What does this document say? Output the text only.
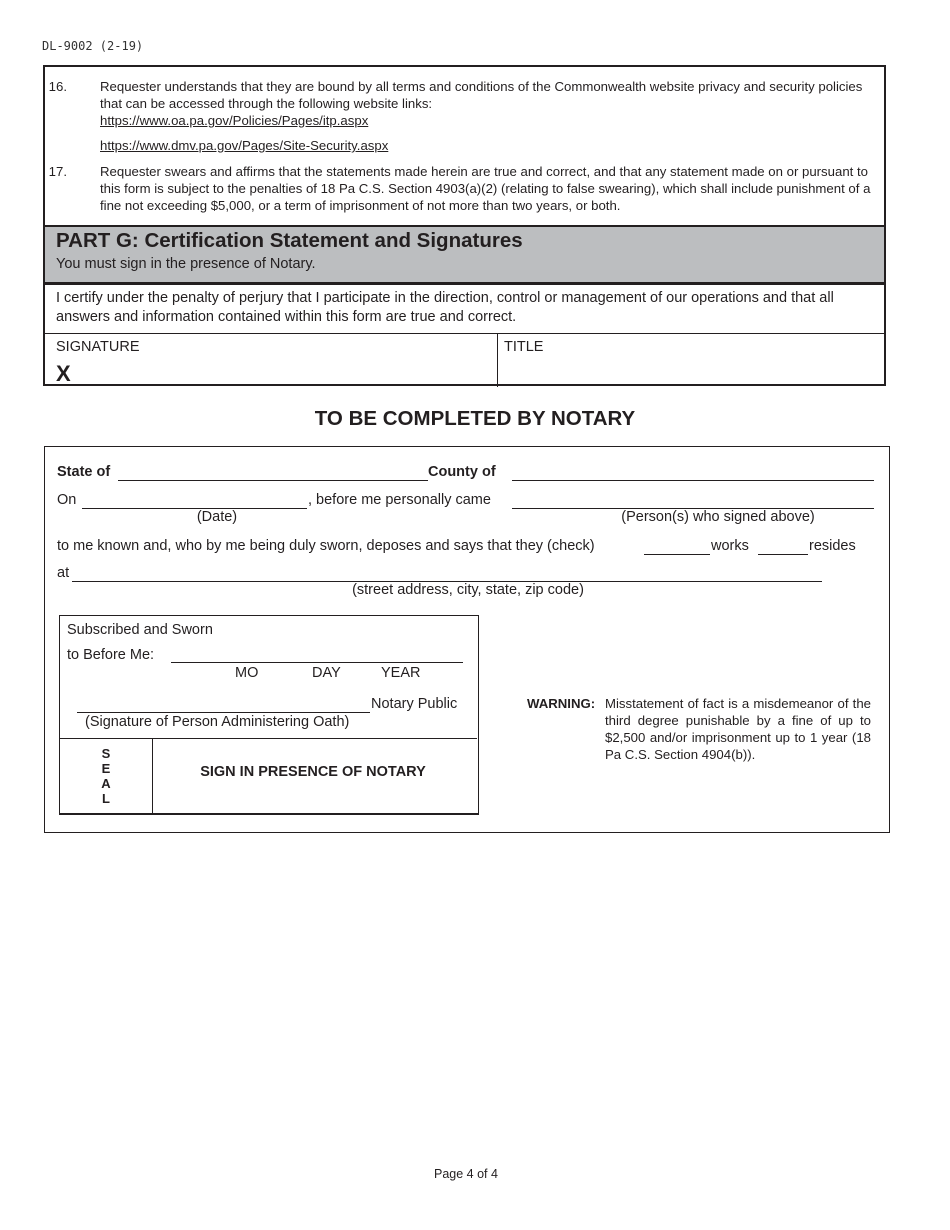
DL-9002 (2-19)
16.	Requester understands that they are bound by all terms and conditions of the Commonwealth website privacy and security policies that can be accessed through the following website links:
https://www.oa.pa.gov/Policies/Pages/itp.aspx
https://www.dmv.pa.gov/Pages/Site-Security.aspx
17.	Requester swears and affirms that the statements made herein are true and correct, and that any statement made on or pursuant to this form is subject to the penalties of 18 Pa C.S. Section 4903(a)(2) (relating to false swearing), which shall include punishment of a fine not exceeding $5,000, or a term of imprisonment of not more than two years, or both.
PART G: Certification Statement and Signatures
You must sign in the presence of Notary.
I certify under the penalty of perjury that I participate in the direction, control or management of our operations and that all answers and information contained within this form are true and correct.
SIGNATURE
X
TITLE
TO BE COMPLETED BY NOTARY
State of	County of
On	, before me personally came
(Date)	(Person(s) who signed above)
to me known and, who by me being duly sworn, deposes and says that they (check)	works	resides
at
(street address, city, state, zip code)
Subscribed and Sworn
to Before Me:
MO	DAY	YEAR
Notary Public
(Signature of Person Administering Oath)
S
E
A
L
SIGN IN PRESENCE OF NOTARY
WARNING: Misstatement of fact is a misdemeanor of the third degree punishable by a fine of up to $2,500 and/or imprisonment up to 1 year (18 Pa C.S. Section 4904(b)).
Page 4 of 4
